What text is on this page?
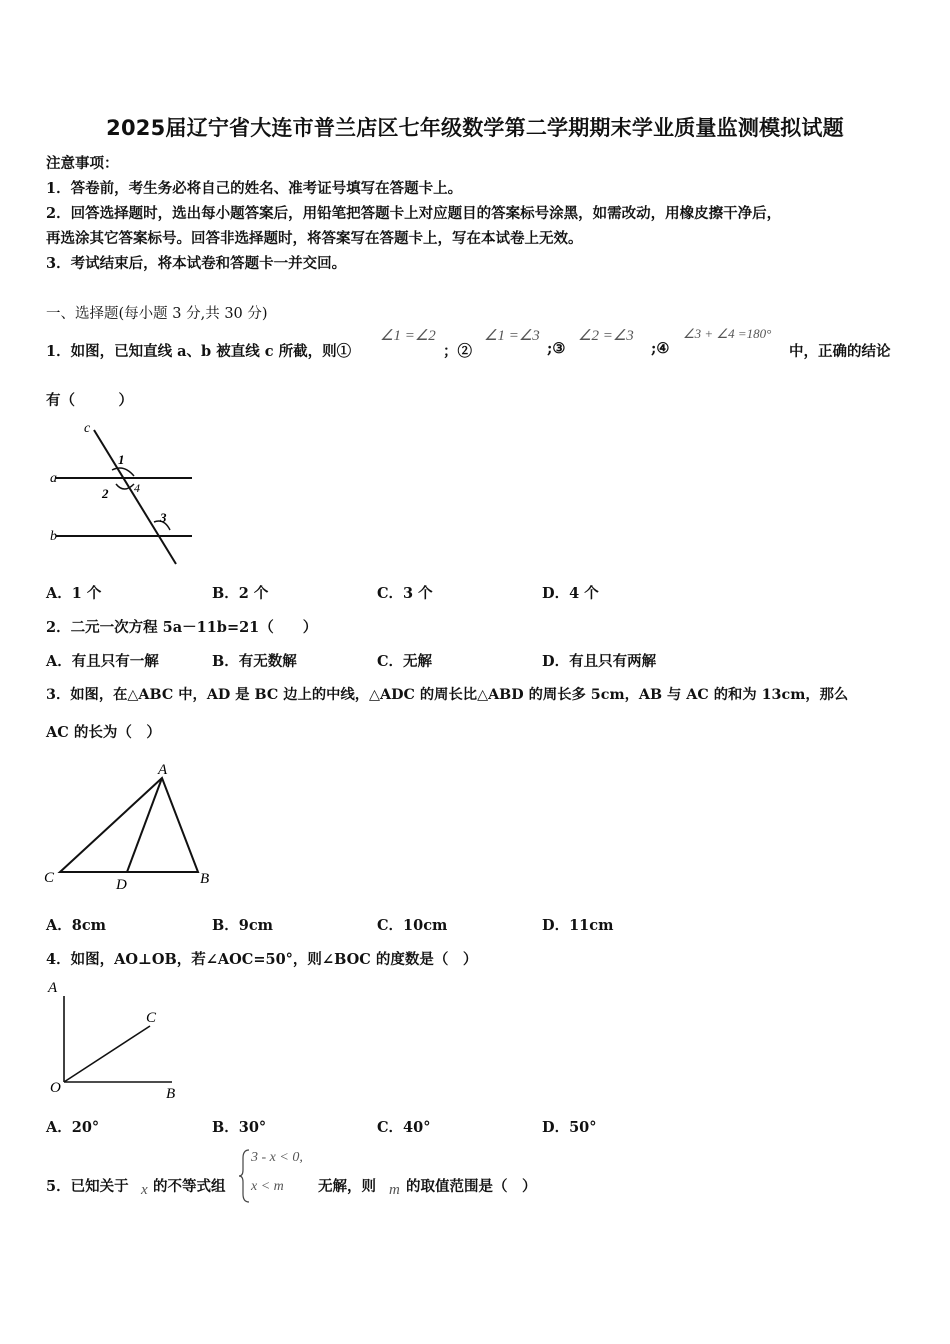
2025届辽宁省大连市普兰店区七年级数学第二学期期末学业质量监测模拟试题
注意事项：
1．答卷前，考生务必将自己的姓名、准考证号填写在答题卡上。
2．回答选择题时，选出每小题答案后，用铅笔把答题卡上对应题目的答案标号涂黑，如需改动，用橡皮擦干净后，
再选涂其它答案标号。回答非选择题时，将答案写在答题卡上，写在本试卷上无效。
3．考试结束后，将本试卷和答题卡一并交回。
一、选择题(每小题 3 分,共 30 分)
1．如图，已知直线 a、b 被直线 c 所截，则①
∠1 =∠2
；②
∠1 =∠3
;③
∠2 =∠3
;④
∠3 + ∠4 =180°
中，正确的结论
有（　　　）
c
a
b
1
2 4
3
A．1 个	B．2 个	C．3 个	D．4 个
2．二元一次方程 5a－11b=21（　　）
A．有且只有一解	B．有无数解	C．无解	D．有且只有两解
3．如图，在△ABC 中，AD 是 BC 边上的中线，△ADC 的周长比△ABD 的周长多 5cm，AB 与 AC 的和为 13cm，那么
AC 的长为（　）
A
C	D	B
A．8cm	B．9cm	C．10cm	D．11cm
4．如图，AO⊥OB，若∠AOC=50°，则∠BOC 的度数是（　）
A
C
O	B
A．20°	B．30°	C．40°	D．50°
5．已知关于 x 的不等式组
3 - x < 0,
x < m 无解，则 m 的取值范围是（　）
